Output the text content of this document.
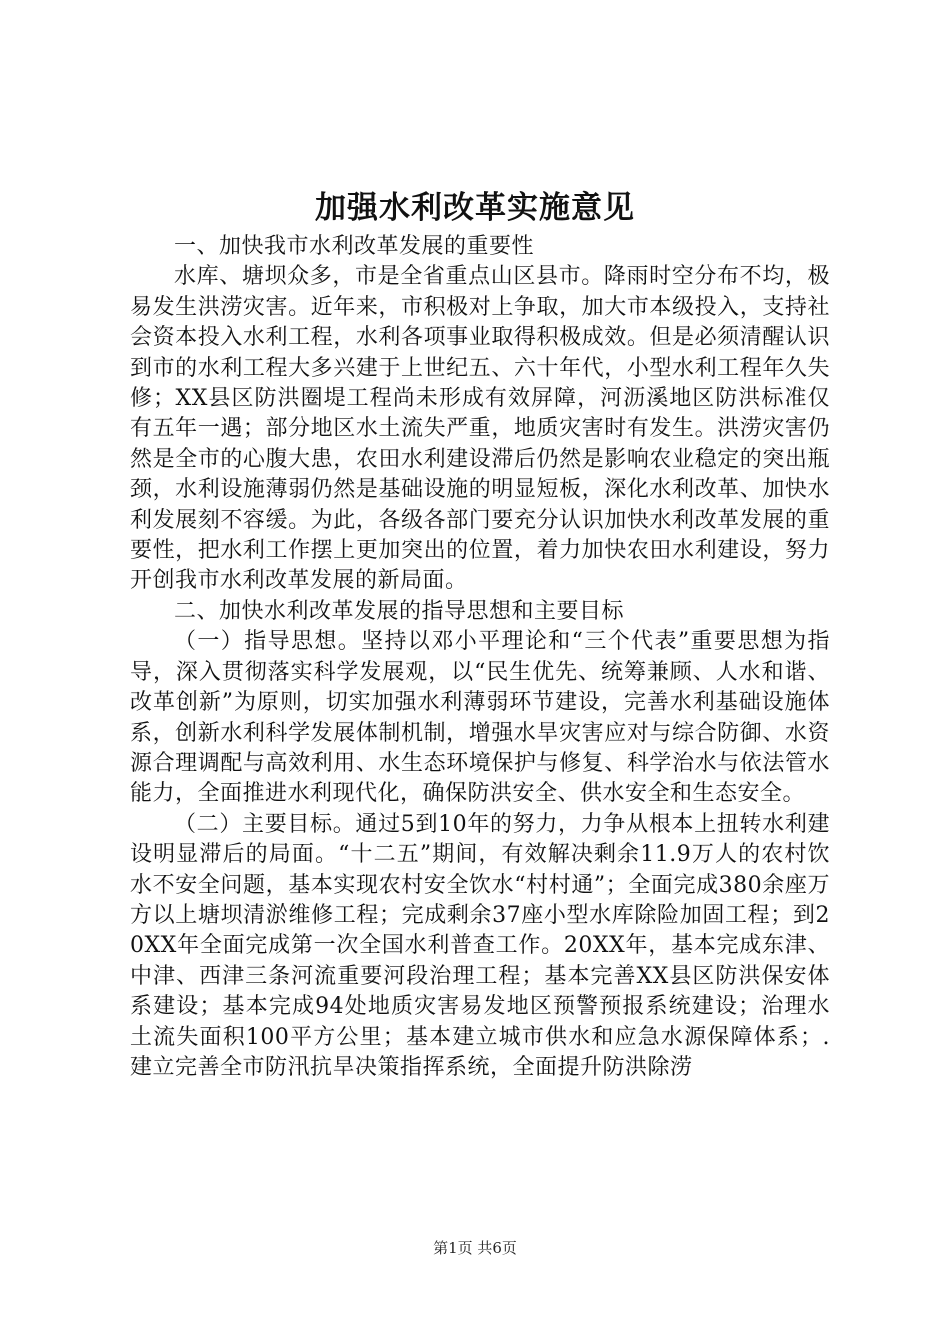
加强水利改革实施意见

一、加快我市水利改革发展的重要性

水库、塘坝众多，市是全省重点山区县市。降雨时空分布不均，极易发生洪涝灾害。近年来，市积极对上争取，加大市本级投入，支持社会资本投入水利工程，水利各项事业取得积极成效。但是必须清醒认识到市的水利工程大多兴建于上世纪五、六十年代，小型水利工程年久失修；XX县区防洪圈堤工程尚未形成有效屏障，河沥溪地区防洪标准仅有五年一遇；部分地区水土流失严重，地质灾害时有发生。洪涝灾害仍然是全市的心腹大患，农田水利建设滞后仍然是影响农业稳定的突出瓶颈，水利设施薄弱仍然是基础设施的明显短板，深化水利改革、加快水利发展刻不容缓。为此，各级各部门要充分认识加快水利改革发展的重要性，把水利工作摆上更加突出的位置，着力加快农田水利建设，努力开创我市水利改革发展的新局面。

二、加快水利改革发展的指导思想和主要目标

（一）指导思想。坚持以邓小平理论和“三个代表”重要思想为指导，深入贯彻落实科学发展观，以“民生优先、统筹兼顾、人水和谐、改革创新”为原则，切实加强水利薄弱环节建设，完善水利基础设施体系，创新水利科学发展体制机制，增强水旱灾害应对与综合防御、水资源合理调配与高效利用、水生态环境保护与修复、科学治水与依法管水能力，全面推进水利现代化，确保防洪安全、供水安全和生态安全。

（二）主要目标。通过5到10年的努力，力争从根本上扭转水利建设明显滞后的局面。“十二五”期间，有效解决剩余11.9万人的农村饮水不安全问题，基本实现农村安全饮水“村村通”；全面完成380余座万方以上塘坝清淤维修工程；完成剩余37座小型水库除险加固工程；到20XX年全面完成第一次全国水利普查工作。20XX年，基本完成东津、中津、西津三条河流重要河段治理工程；基本完善XX县区防洪保安体系建设；基本完成94处地质灾害易发地区预警预报系统建设；治理水土流失面积100平方公里；基本建立城市供水和应急水源保障体系；.建立完善全市防汛抗旱决策指挥系统，全面提升防洪除涝

第1页 共6页
